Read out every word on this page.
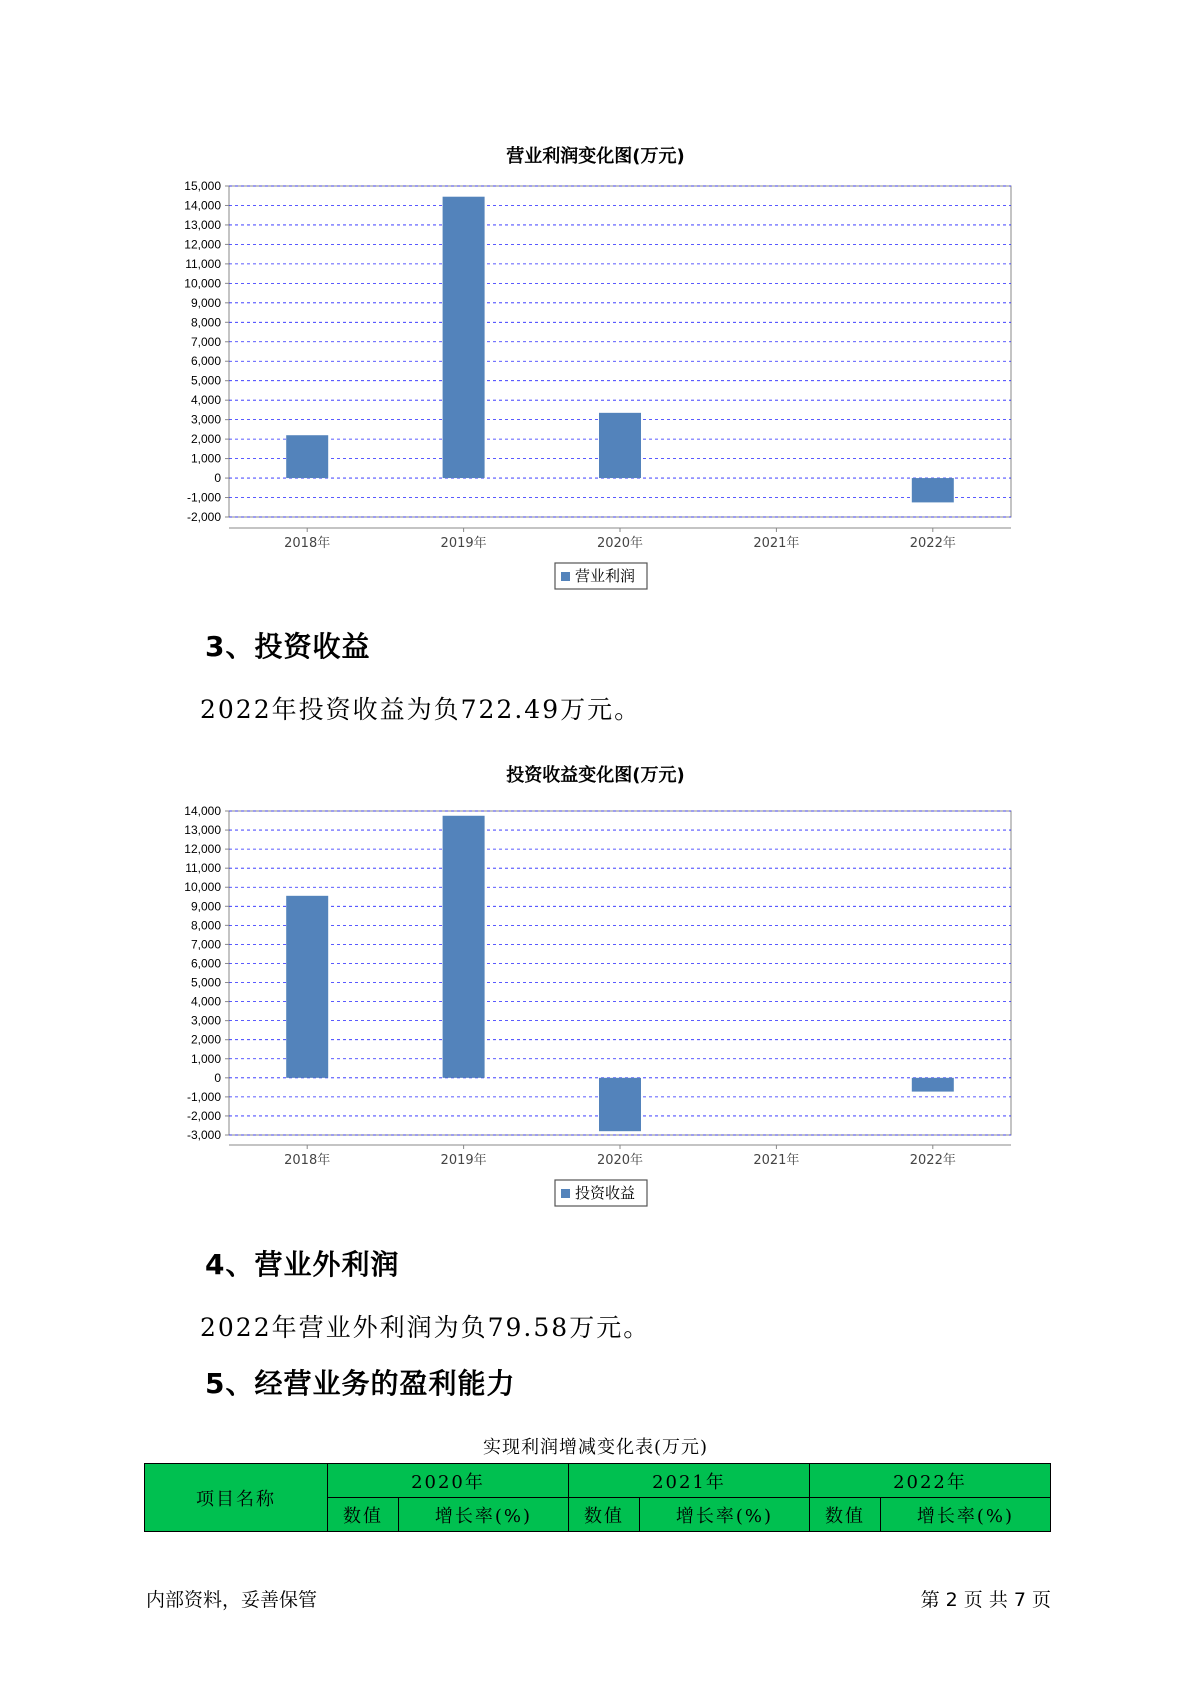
营业利润变化图(万元)
15,000
14,000
13,000
12,000
11,000
10,000
9,000
8,000
7,000
6,000
5,000
4,000
3,000
2,000
1,000
0
-1,000
-2,000
2018年	2019年	2020年	2021年	2022年
营业利润
3、投资收益
2022年投资收益为负722.49万元。
投资收益变化图(万元)
14,000
13,000
12,000
11,000
10,000
9,000
8,000
7,000
6,000
5,000
4,000
3,000
2,000
1,000
0
-1,000
-2,000
-3,000
2018年	2019年	2020年	2021年	2022年
投资收益
4、营业外利润
2022年营业外利润为负79.58万元。
5、经营业务的盈利能力
实现利润增减变化表(万元)
项目名称	2020年		2021年		2022年	
	数值	增长率(%)	数值	增长率(%)	数值	增长率(%)
内部资料，妥善保管	第 2 页 共 7 页
